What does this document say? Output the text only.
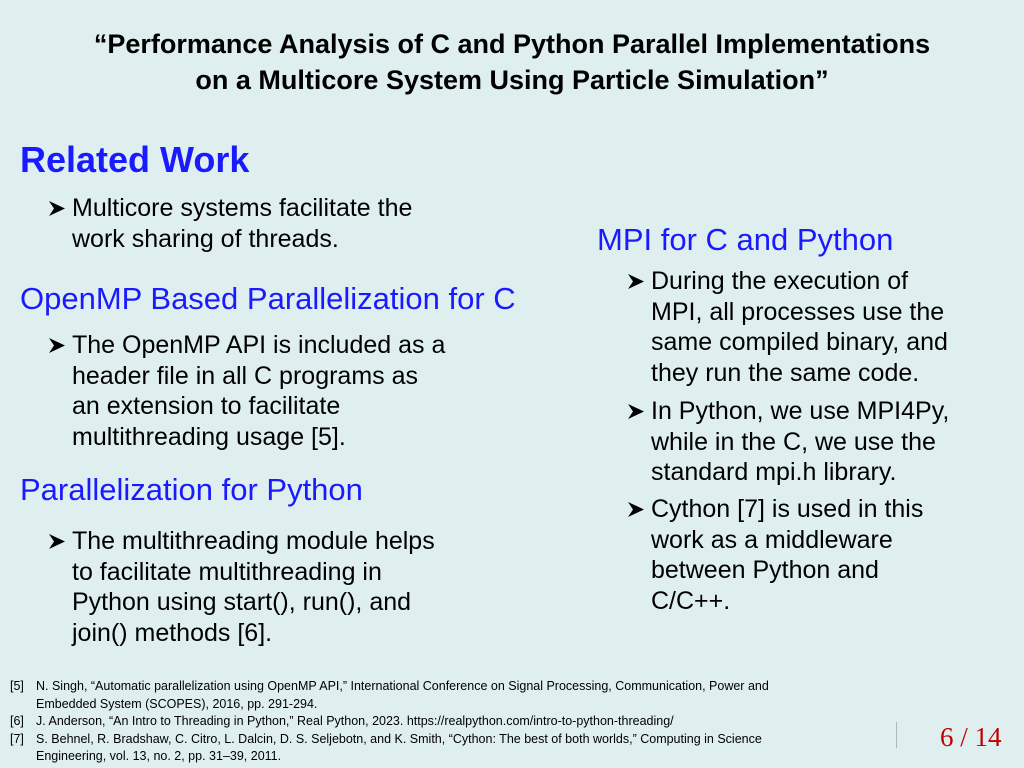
“Performance Analysis of C and Python Parallel Implementations
on a Multicore System Using Particle Simulation”
Related Work
Multicore systems facilitate the
work sharing of threads.
OpenMP Based Parallelization for C
The OpenMP API is included as a
header file in all C programs as
an extension to facilitate
multithreading usage [5].
Parallelization for Python
The multithreading module helps
to facilitate multithreading in
Python using start(), run(), and
join() methods [6].
MPI for C and Python
During the execution of
MPI, all processes use the
same compiled binary, and
they run the same code.
In Python, we use MPI4Py,
while in the C, we use the
standard mpi.h library.
Cython [7] is used in this
work as a middleware
between Python and
C/C++.
[5] N. Singh, “Automatic parallelization using OpenMP API,” International Conference on Signal Processing, Communication, Power and
Embedded System (SCOPES), 2016, pp. 291-294.
[6] J. Anderson, “An Intro to Threading in Python,” Real Python, 2023. https://realpython.com/intro-to-python-threading/
[7] S. Behnel, R. Bradshaw, C. Citro, L. Dalcin, D. S. Seljebotn, and K. Smith, “Cython: The best of both worlds,” Computing in Science
Engineering, vol. 13, no. 2, pp. 31–39, 2011.
6 / 14
